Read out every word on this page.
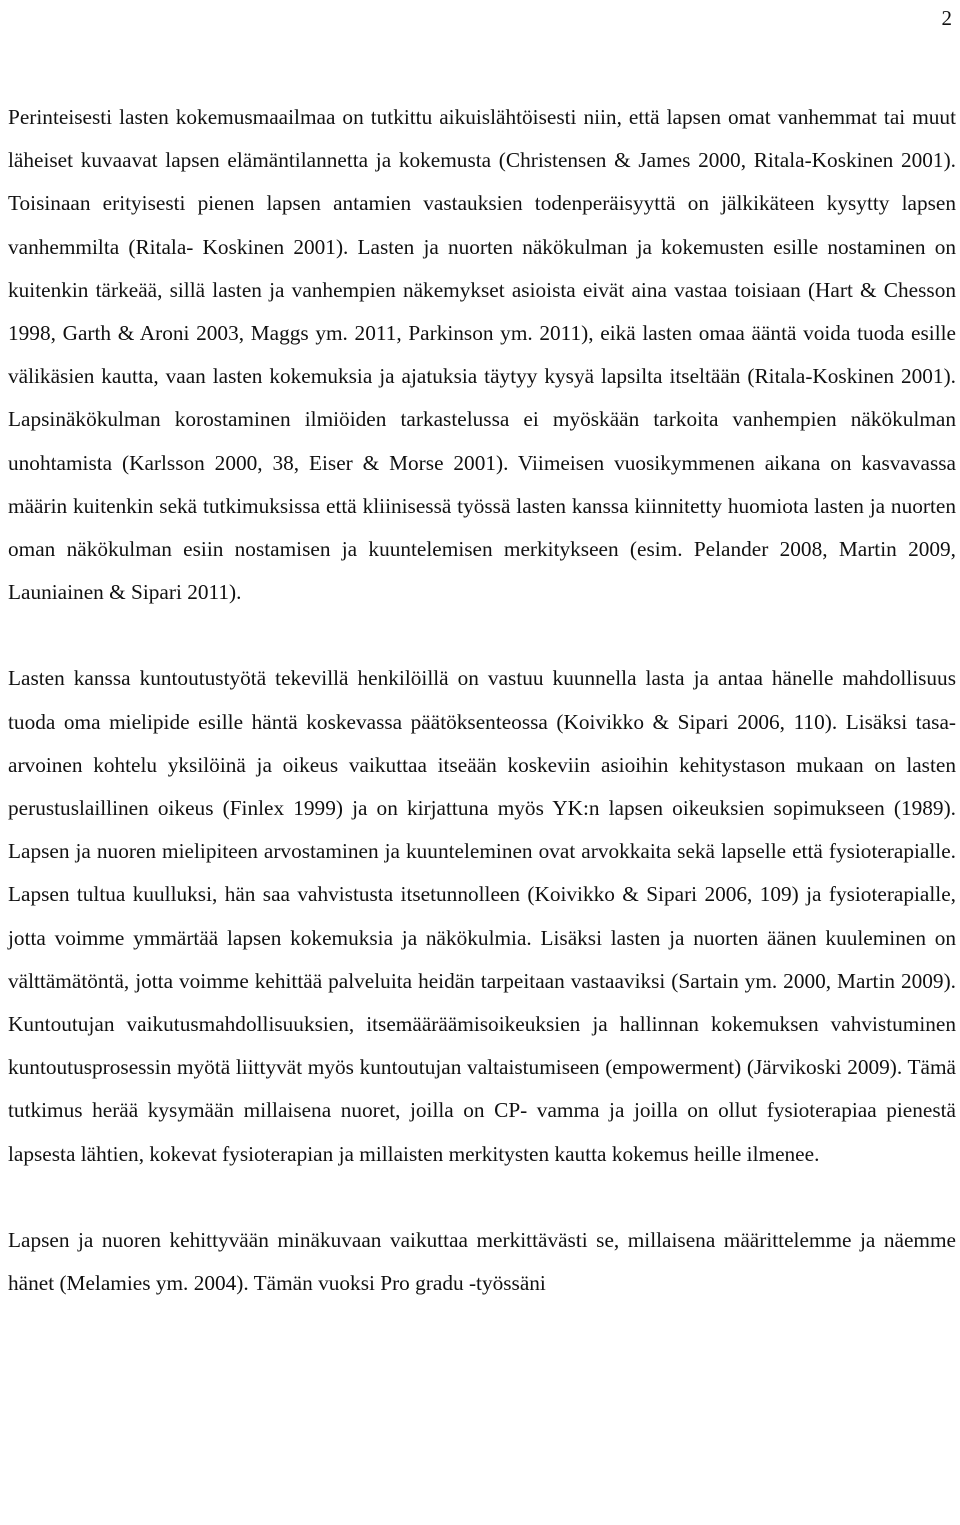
2

Perinteisesti lasten kokemusmaailmaa on tutkittu aikuislähtöisesti niin, että lapsen omat vanhemmat tai muut läheiset kuvaavat lapsen elämäntilannetta ja kokemusta (Christensen & James 2000, Ritala-Koskinen 2001). Toisinaan erityisesti pienen lapsen antamien vastauksien todenperäisyyttä on jälkikäteen kysytty lapsen vanhemmilta (Ritala- Koskinen 2001). Lasten ja nuorten näkökulman ja kokemusten esille nostaminen on kuitenkin tärkeää, sillä lasten ja vanhempien näkemykset asioista eivät aina vastaa toisiaan (Hart & Chesson 1998, Garth & Aroni 2003, Maggs ym. 2011, Parkinson ym. 2011), eikä lasten omaa ääntä voida tuoda esille välikäsien kautta, vaan lasten kokemuksia ja ajatuksia täytyy kysyä lapsilta itseltään (Ritala-Koskinen 2001). Lapsinäkökulman korostaminen ilmiöiden tarkastelussa ei myöskään tarkoita vanhempien näkökulman unohtamista (Karlsson 2000, 38, Eiser & Morse 2001). Viimeisen vuosikymmenen aikana on kasvavassa määrin kuitenkin sekä tutkimuksissa että kliinisessä työssä lasten kanssa kiinnitetty huomiota lasten ja nuorten oman näkökulman esiin nostamisen ja kuuntelemisen merkitykseen (esim. Pelander 2008, Martin 2009, Launiainen & Sipari 2011).

Lasten kanssa kuntoutustyötä tekevillä henkilöillä on vastuu kuunnella lasta ja antaa hänelle mahdollisuus tuoda oma mielipide esille häntä koskevassa päätöksenteossa (Koivikko & Sipari 2006, 110). Lisäksi tasa-arvoinen kohtelu yksilöinä ja oikeus vaikuttaa itseään koskeviin asioihin kehitystason mukaan on lasten perustuslaillinen oikeus (Finlex 1999) ja on kirjattuna myös YK:n lapsen oikeuksien sopimukseen (1989). Lapsen ja nuoren mielipiteen arvostaminen ja kuunteleminen ovat arvokkaita sekä lapselle että fysioterapialle. Lapsen tultua kuulluksi, hän saa vahvistusta itsetunnolleen (Koivikko & Sipari 2006, 109) ja fysioterapialle, jotta voimme ymmärtää lapsen kokemuksia ja näkökulmia. Lisäksi lasten ja nuorten äänen kuuleminen on välttämätöntä, jotta voimme kehittää palveluita heidän tarpeitaan vastaaviksi (Sartain ym. 2000, Martin 2009). Kuntoutujan vaikutusmahdollisuuksien, itsemääräämisoikeuksien ja hallinnan kokemuksen vahvistuminen kuntoutusprosessin myötä liittyvät myös kuntoutujan valtaistumiseen (empowerment) (Järvikoski 2009). Tämä tutkimus herää kysymään millaisena nuoret, joilla on CP- vamma ja joilla on ollut fysioterapiaa pienestä lapsesta lähtien, kokevat fysioterapian ja millaisten merkitysten kautta kokemus heille ilmenee.

Lapsen ja nuoren kehittyvään minäkuvaan vaikuttaa merkittävästi se, millaisena määrittelemme ja näemme hänet (Melamies ym. 2004). Tämän vuoksi Pro gradu -työssäni
